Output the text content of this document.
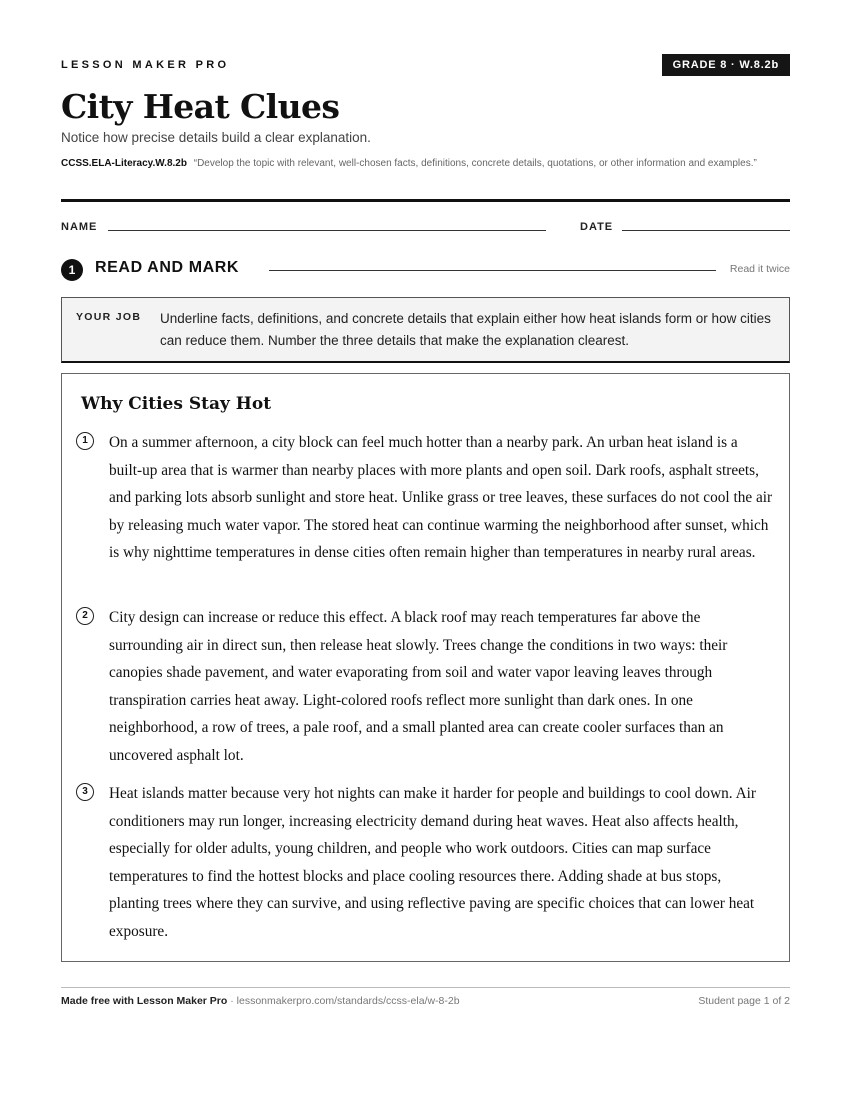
LESSON MAKER PRO	GRADE 8 · W.8.2b
City Heat Clues
Notice how precise details build a clear explanation.
CCSS.ELA-Literacy.W.8.2b “Develop the topic with relevant, well-chosen facts, definitions, concrete details, quotations, or other information and examples.”
NAME	DATE
1	READ AND MARK	Read it twice
YOUR JOB Underline facts, definitions, and concrete details that explain either how heat islands form or how cities can reduce them. Number the three details that make the explanation clearest.
Why Cities Stay Hot
1	On a summer afternoon, a city block can feel much hotter than a nearby park. An urban heat island is a built-up area that is warmer than nearby places with more plants and open soil. Dark roofs, asphalt streets, and parking lots absorb sunlight and store heat. Unlike grass or tree leaves, these surfaces do not cool the air by releasing much water vapor. The stored heat can continue warming the neighborhood after sunset, which is why nighttime temperatures in dense cities often remain higher than temperatures in nearby rural areas.

2	City design can increase or reduce this effect. A black roof may reach temperatures far above the surrounding air in direct sun, then release heat slowly. Trees change the conditions in two ways: their canopies shade pavement, and water evaporating from soil and water vapor leaving leaves through transpiration carries heat away. Light-colored roofs reflect more sunlight than dark ones. In one neighborhood, a row of trees, a pale roof, and a small planted area can create cooler surfaces than an uncovered asphalt lot.

3	Heat islands matter because very hot nights can make it harder for people and buildings to cool down. Air conditioners may run longer, increasing electricity demand during heat waves. Heat also affects health, especially for older adults, young children, and people who work outdoors. Cities can map surface temperatures to find the hottest blocks and place cooling resources there. Adding shade at bus stops, planting trees where they can survive, and using reflective paving are specific choices that can lower heat exposure.

Made free with Lesson Maker Pro · lessonmakerpro.com/standards/ccss-ela/w-8-2b	Student page 1 of 2
